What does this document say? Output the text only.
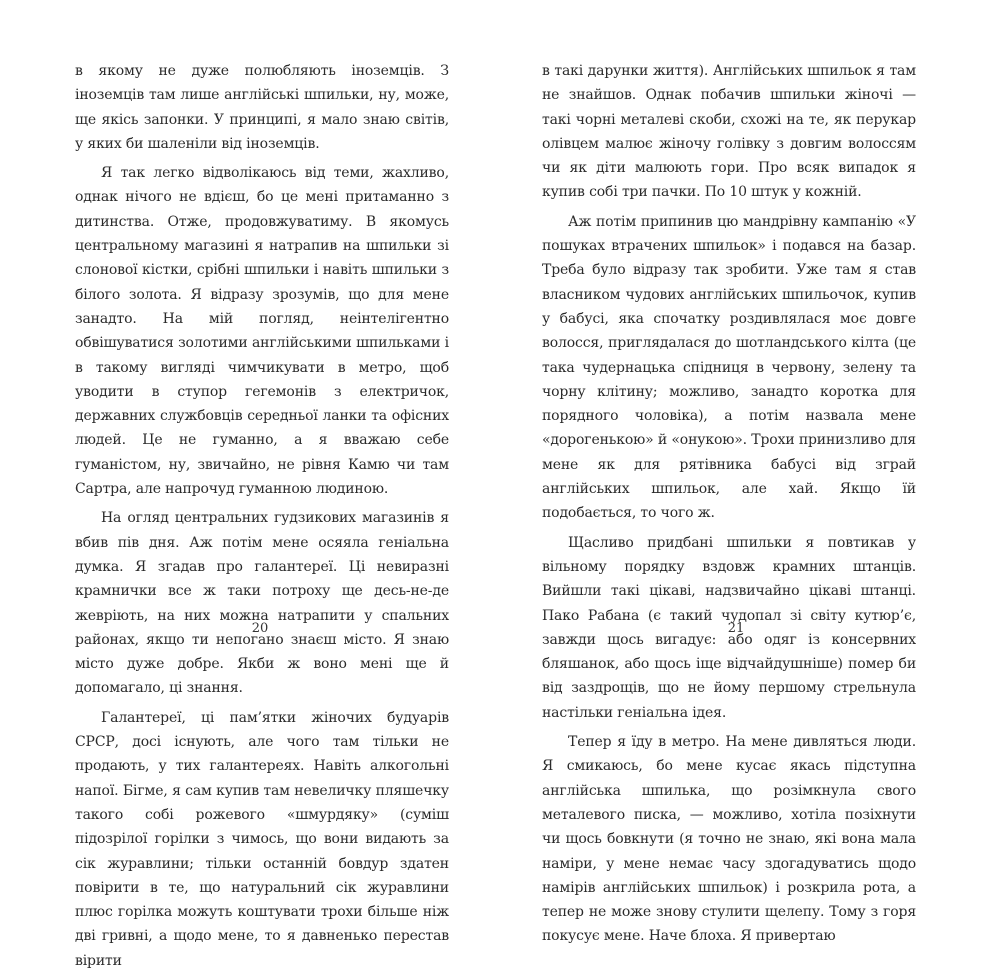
в якому не дуже полюбляють іноземців. З іноземців там лише англійські шпильки, ну, може, ще якісь запонки. У принципі, я мало знаю світів, у яких би шаленіли від іноземців.

Я так легко відволікаюсь від теми, жахливо, однак нічого не вдієш, бо це мені притаманно з дитинства. Отже, продовжуватиму. В якомусь центральному магазині я натрапив на шпильки зі слонової кістки, срібні шпильки і навіть шпильки з білого золота. Я відразу зрозумів, що для мене занадто. На мій погляд, неінтелігентно обвішуватися золотими англійськими шпильками і в такому вигляді чимчикувати в метро, щоб уводити в ступор гегемонів з електричок, державних службовців середньої ланки та офісних людей. Це не гуманно, а я вважаю себе гуманістом, ну, звичайно, не рівня Камю чи там Сартра, але напрочуд гуманною людиною.

На огляд центральних гудзикових магазинів я вбив пів дня. Аж потім мене осяяла геніальна думка. Я згадав про галантереї. Ці невиразні крамнички все ж таки потроху ще десь-не-де жевріють, на них можна натрапити у спальних районах, якщо ти непогано знаєш місто. Я знаю місто дуже добре. Якби ж воно мені ще й допомагало, ці знання.

Галантереї, ці пам’ятки жіночих будуарів СРСР, досі існують, але чого там тільки не продають, у тих галантереях. Навіть алкогольні напої. Бігме, я сам купив там невеличку пляшечку такого собі рожевого «шмурдяку» (суміш підозрілої горілки з чимось, що вони видають за сік журавлини; тільки останній бовдур здатен повірити в те, що натуральний сік журавлини плюс горілка можуть коштувати трохи більше ніж дві гривні, а щодо мене, то я давненько перестав вірити

20

в такі дарунки життя). Англійських шпильок я там не знайшов. Однак побачив шпильки жіночі — такі чорні металеві скоби, схожі на те, як перукар олівцем малює жіночу голівку з довгим волоссям чи як діти малюють гори. Про всяк випадок я купив собі три пачки. По 10 штук у кожній.

Аж потім припинив цю мандрівну кампанію «У пошуках втрачених шпильок» і подався на базар. Треба було відразу так зробити. Уже там я став власником чудових англійських шпильочок, купив у бабусі, яка спочатку роздивлялася моє довге волосся, приглядалася до шотландського кілта (це така чудернацька спідниця в червону, зелену та чорну клітину; можливо, занадто коротка для порядного чоловіка), а потім назвала мене «дорогенькою» й «онукою». Трохи принизливо для мене як для рятівника бабусі від зграй англійських шпильок, але хай. Якщо їй подобається, то чого ж.

Щасливо придбані шпильки я повтикав у вільному порядку вздовж крамних штанців. Вийшли такі цікаві, надзвичайно цікаві штанці. Пако Рабана (є такий чудопал зі світу кутюр’є, завжди щось вигадує: або одяг із консервних бляшанок, або щось іще відчайдушніше) помер би від заздрощів, що не йому першому стрельнула настільки геніальна ідея.

Тепер я їду в метро. На мене дивляться люди. Я смикаюсь, бо мене кусає якась підступна англійська шпилька, що розімкнула свого металевого писка, — можливо, хотіла позіхнути чи щось бовкнути (я точно не знаю, які вона мала наміри, у мене немає часу здогадуватись щодо намірів англійських шпильок) і розкрила рота, а тепер не може знову стулити щелепу. Тому з горя покусує мене. Наче блоха. Я привертаю

21
